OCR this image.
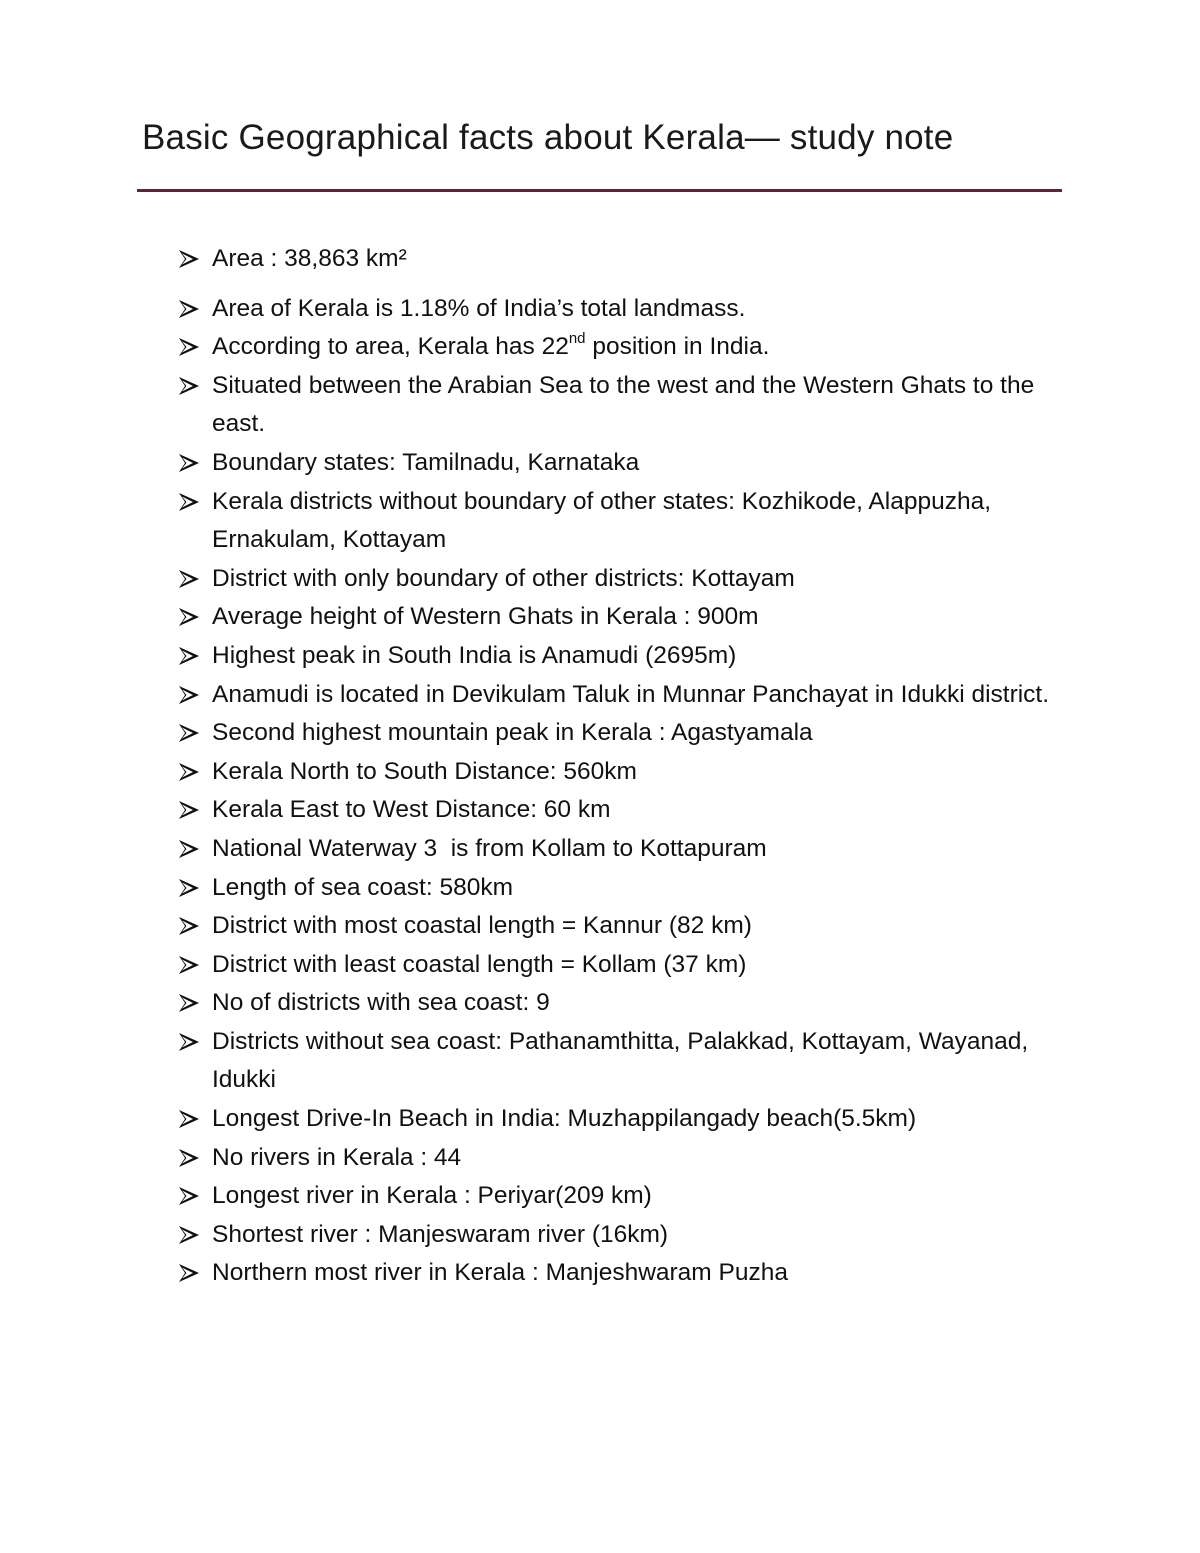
Basic Geographical facts about Kerala— study note
Area : 38,863 km²
Area of Kerala is 1.18% of India’s total landmass.
According to area, Kerala has 22nd position in India.
Situated between the Arabian Sea to the west and the Western Ghats to the east.
Boundary states: Tamilnadu, Karnataka
Kerala districts without boundary of other states: Kozhikode, Alappuzha, Ernakulam, Kottayam
District with only boundary of other districts: Kottayam
Average height of Western Ghats in Kerala : 900m
Highest peak in South India is Anamudi (2695m)
Anamudi is located in Devikulam Taluk in Munnar Panchayat in Idukki district.
Second highest mountain peak in Kerala : Agastyamala
Kerala North to South Distance: 560km
Kerala East to West Distance: 60 km
National Waterway 3  is from Kollam to Kottapuram
Length of sea coast: 580km
District with most coastal length = Kannur (82 km)
District with least coastal length = Kollam (37 km)
No of districts with sea coast: 9
Districts without sea coast: Pathanamthitta, Palakkad, Kottayam, Wayanad, Idukki
Longest Drive-In Beach in India: Muzhappilangady beach(5.5km)
No rivers in Kerala : 44
Longest river in Kerala : Periyar(209 km)
Shortest river : Manjeswaram river (16km)
Northern most river in Kerala : Manjeshwaram Puzha
